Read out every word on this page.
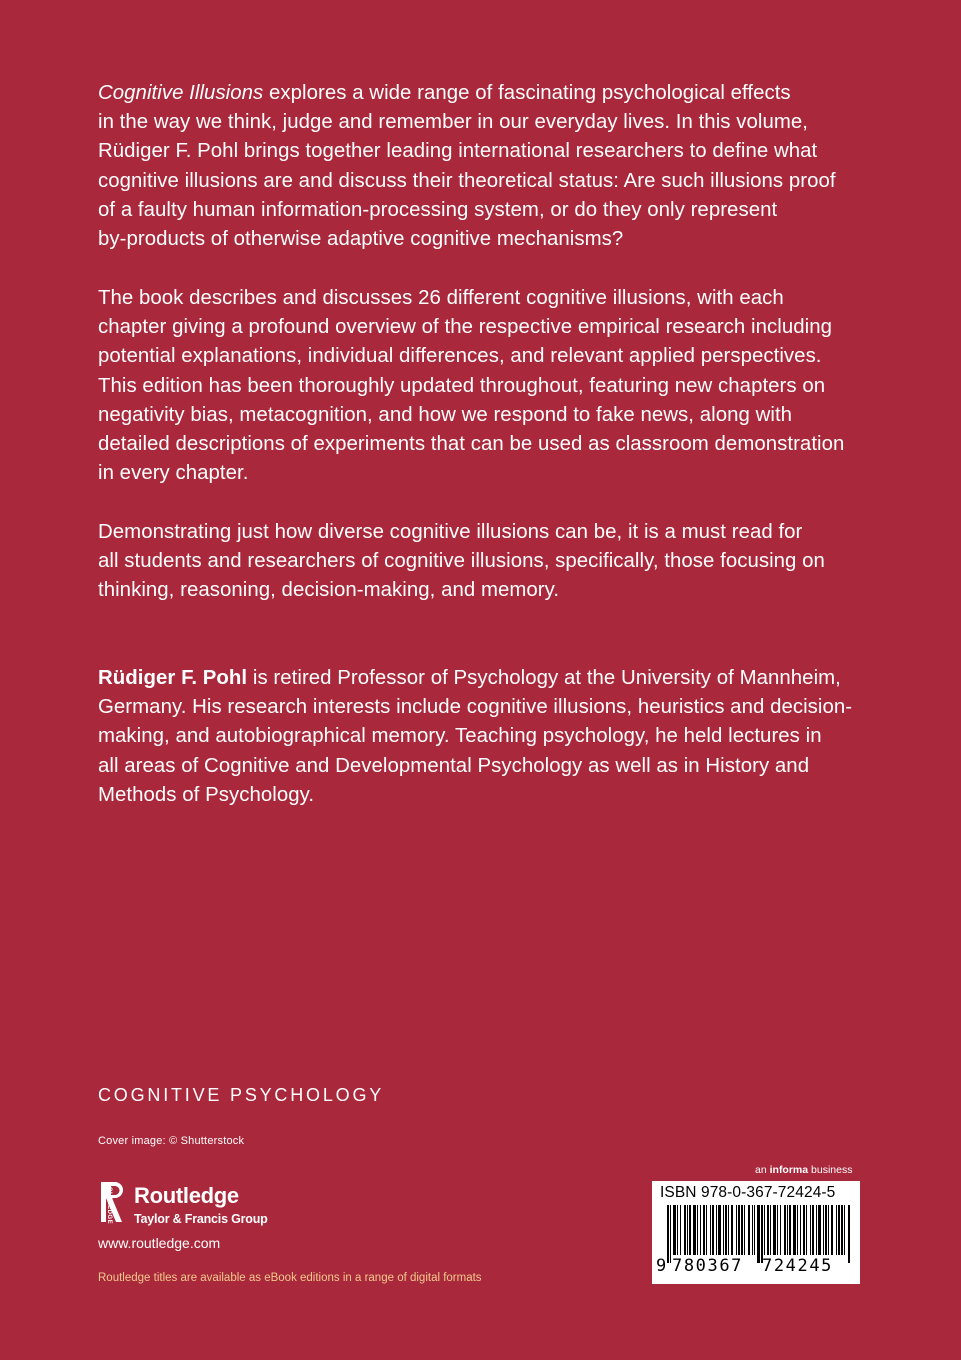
Cognitive Illusions explores a wide range of fascinating psychological effects
in the way we think, judge and remember in our everyday lives. In this volume,
Rüdiger F. Pohl brings together leading international researchers to define what
cognitive illusions are and discuss their theoretical status: Are such illusions proof
of a faulty human information-processing system, or do they only represent
by-products of otherwise adaptive cognitive mechanisms?

The book describes and discusses 26 different cognitive illusions, with each
chapter giving a profound overview of the respective empirical research including
potential explanations, individual differences, and relevant applied perspectives.
This edition has been thoroughly updated throughout, featuring new chapters on
negativity bias, metacognition, and how we respond to fake news, along with
detailed descriptions of experiments that can be used as classroom demonstration
in every chapter.

Demonstrating just how diverse cognitive illusions can be, it is a must read for
all students and researchers of cognitive illusions, specifically, those focusing on
thinking, reasoning, decision-making, and memory.

Rüdiger F. Pohl is retired Professor of Psychology at the University of Mannheim,
Germany. His research interests include cognitive illusions, heuristics and decision-
making, and autobiographical memory. Teaching psychology, he held lectures in
all areas of Cognitive and Developmental Psychology as well as in History and
Methods of Psychology.

COGNITIVE PSYCHOLOGY
Cover image: © Shutterstock
ROUTLEDGE Routledge
Taylor & Francis Group
www.routledge.com
Routledge titles are available as eBook editions in a range of digital formats
an informa business
ISBN 978-0-367-72424-5
9 780367 724245
